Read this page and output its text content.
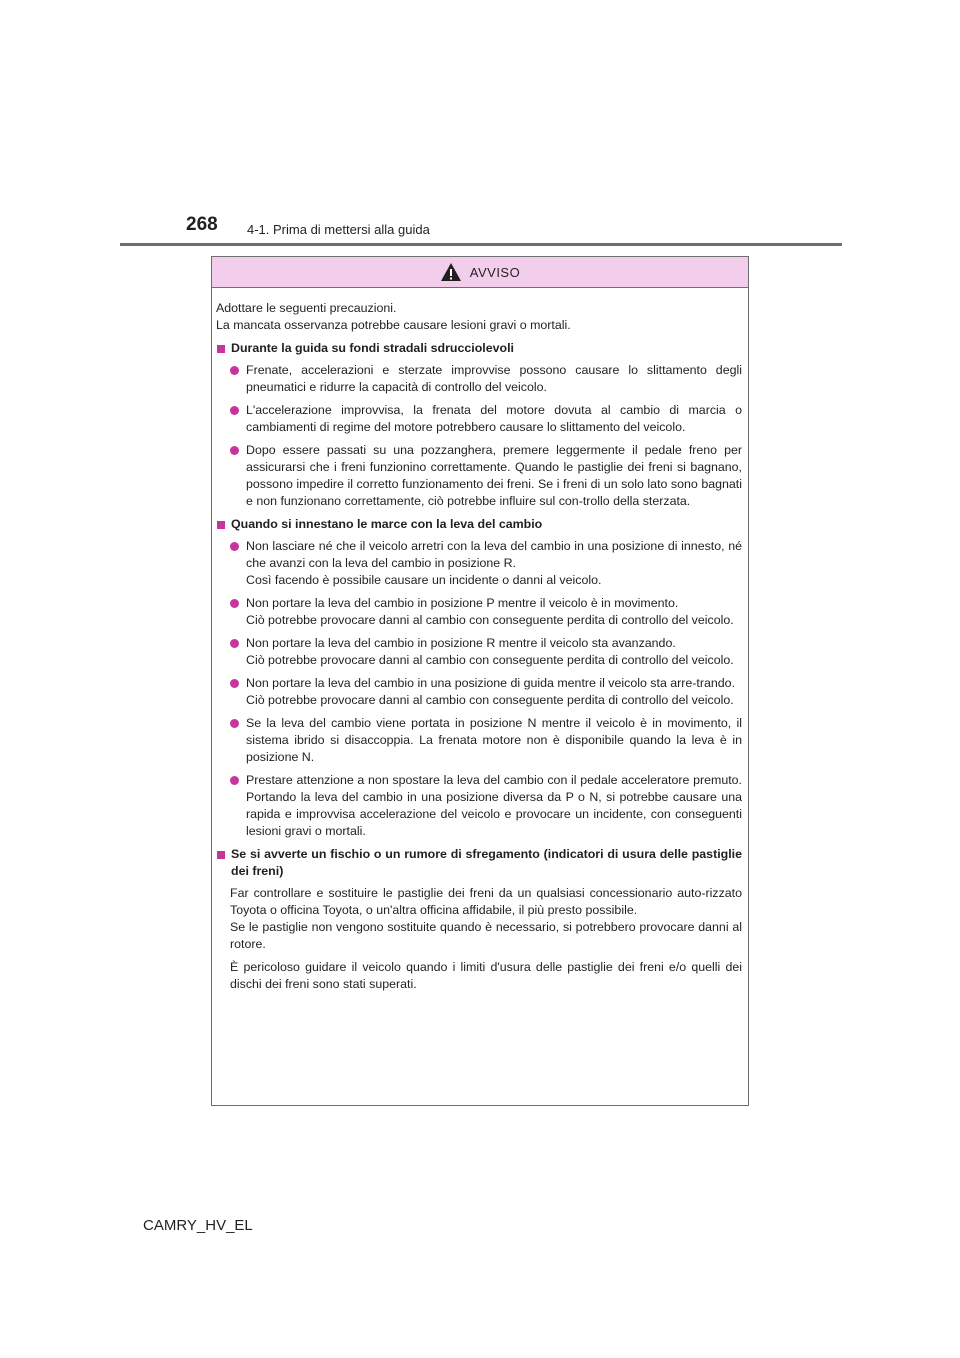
268 4-1. Prima di mettersi alla guida
AVVISO
Adottare le seguenti precauzioni.
La mancata osservanza potrebbe causare lesioni gravi o mortali.
Durante la guida su fondi stradali sdrucciolevoli

Frenate, accelerazioni e sterzate improvvise possono causare lo slittamento degli pneumatici e ridurre la capacità di controllo del veicolo.

L'accelerazione improvvisa, la frenata del motore dovuta al cambio di marcia o cambiamenti di regime del motore potrebbero causare lo slittamento del veicolo.

Dopo essere passati su una pozzanghera, premere leggermente il pedale freno per assicurarsi che i freni funzionino correttamente. Quando le pastiglie dei freni si bagnano, possono impedire il corretto funzionamento dei freni. Se i freni di un solo lato sono bagnati e non funzionano correttamente, ciò potrebbe influire sul con-trollo della sterzata.

Quando si innestano le marce con la leva del cambio

Non lasciare né che il veicolo arretri con la leva del cambio in una posizione di innesto, né che avanzi con la leva del cambio in posizione R.

Così facendo è possibile causare un incidente o danni al veicolo.

Non portare la leva del cambio in posizione P mentre il veicolo è in movimento.

Ciò potrebbe provocare danni al cambio con conseguente perdita di controllo del veicolo.

Non portare la leva del cambio in posizione R mentre il veicolo sta avanzando.

Ciò potrebbe provocare danni al cambio con conseguente perdita di controllo del veicolo.

Non portare la leva del cambio in una posizione di guida mentre il veicolo sta arre-trando.

Ciò potrebbe provocare danni al cambio con conseguente perdita di controllo del veicolo.

Se la leva del cambio viene portata in posizione N mentre il veicolo è in movimento, il sistema ibrido si disaccoppia. La frenata motore non è disponibile quando la leva è in posizione N.

Prestare attenzione a non spostare la leva del cambio con il pedale acceleratore premuto. Portando la leva del cambio in una posizione diversa da P o N, si potrebbe causare una rapida e improvvisa accelerazione del veicolo e provocare un incidente, con conseguenti lesioni gravi o mortali.

Se si avverte un fischio o un rumore di sfregamento (indicatori di usura delle pastiglie dei freni)

Far controllare e sostituire le pastiglie dei freni da un qualsiasi concessionario auto-rizzato Toyota o officina Toyota, o un'altra officina affidabile, il più presto possibile.

Se le pastiglie non vengono sostituite quando è necessario, si potrebbero provocare danni al rotore.

È pericoloso guidare il veicolo quando i limiti d'usura delle pastiglie dei freni e/o quelli dei dischi dei freni sono stati superati.

CAMRY_HV_EL
